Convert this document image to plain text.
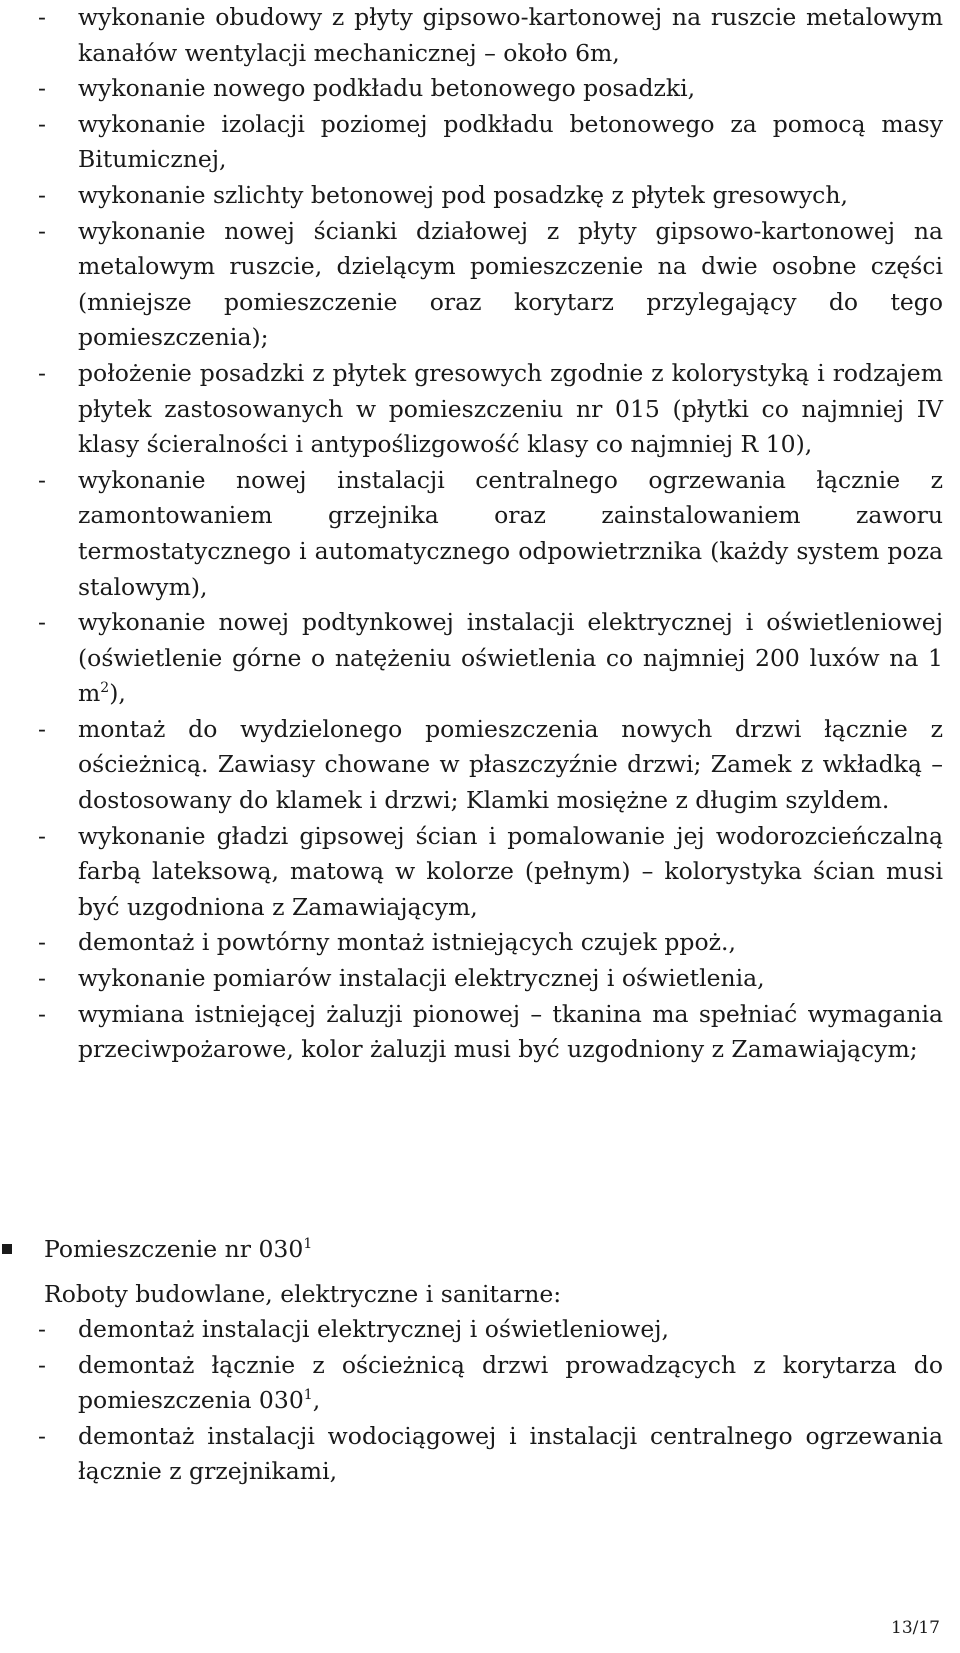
- wykonanie obudowy z płyty gipsowo-kartonowej na ruszcie metalowym kanałów wentylacji mechanicznej – około 6m,
- wykonanie nowego podkładu betonowego posadzki,
- wykonanie izolacji poziomej podkładu betonowego za pomocą masy Bitumicznej,
- wykonanie szlichty betonowej pod posadzkę z płytek gresowych,
- wykonanie nowej ścianki działowej z płyty gipsowo-kartonowej na metalowym ruszcie, dzielącym pomieszczenie na dwie osobne części (mniejsze pomieszczenie oraz korytarz przylegający do tego pomieszczenia);
- położenie posadzki z płytek gresowych zgodnie z kolorystyką i rodzajem płytek zastosowanych w pomieszczeniu nr 015 (płytki co najmniej IV klasy ścieralności i antypoślizgowość klasy co najmniej R 10),
- wykonanie nowej instalacji centralnego ogrzewania łącznie z zamontowaniem grzejnika oraz zainstalowaniem zaworu termostatycznego i automatycznego odpowietrznika (każdy system poza stalowym),
- wykonanie nowej podtynkowej instalacji elektrycznej i oświetleniowej (oświetlenie górne o natężeniu oświetlenia co najmniej 200 luxów na 1 $m^2$),
- montaż do wydzielonego pomieszczenia nowych drzwi łącznie z ościeżnicą. Zawiasy chowane w płaszczyźnie drzwi; Zamek z wkładką – dostosowany do klamek i drzwi; Klamki mosiężne z długim szyldem.
- wykonanie gładzi gipsowej ścian i pomalowanie jej wodorozcieńczalną farbą lateksową, matową w kolorze (pełnym) – kolorystyka ścian musi być uzgodniona z Zamawiającym,
- demontaż i powtórny montaż istniejących czujek ppoż.,
- wykonanie pomiarów instalacji elektrycznej i oświetlenia,
- wymiana istniejącej żaluzji pionowej – tkanina ma spełniać wymagania przeciwpożarowe, kolor żaluzji musi być uzgodniony z Zamawiającym;
Pomieszczenie nr $030^1$
Roboty budowlane, elektryczne i sanitarne:
- demontaż instalacji elektrycznej i oświetleniowej,
- demontaż łącznie z ościeżnicą drzwi prowadzących z korytarza do pomieszczenia $030^1$,
- demontaż instalacji wodociągowej i instalacji centralnego ogrzewania łącznie z grzejnikami,
13/17
